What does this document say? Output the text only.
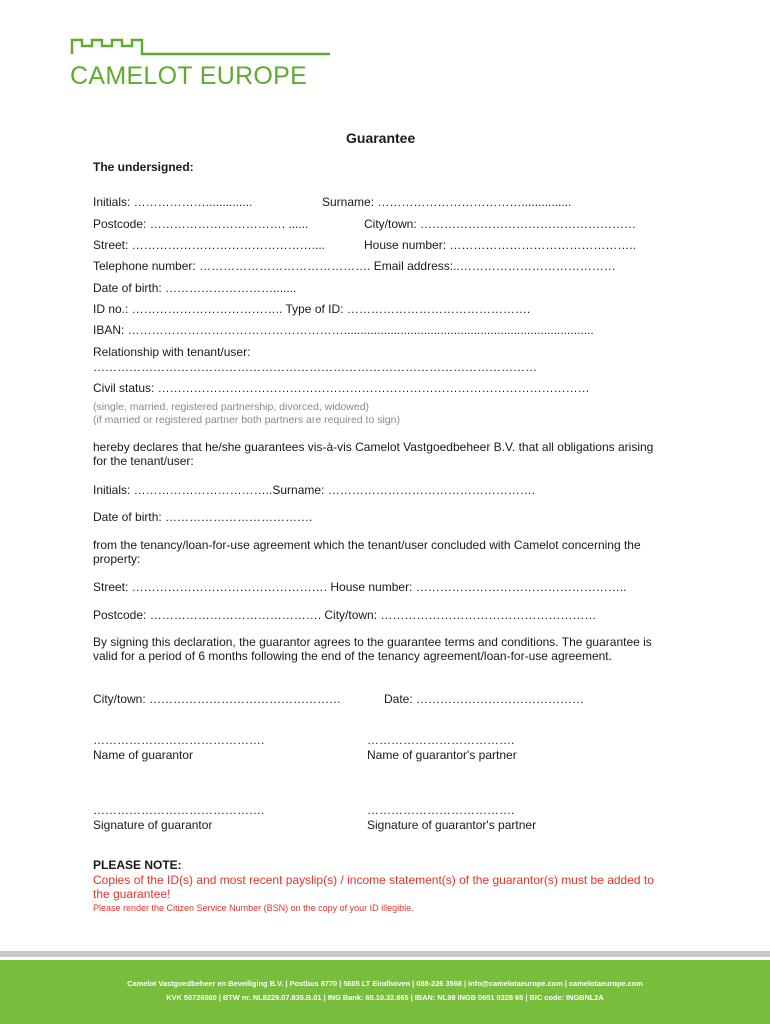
CAMELOT EUROPE
Guarantee
The undersigned:
Initials: ………………..............	Surname: ………………………………...............
Postcode: ……………………………. ......	City/town: ………………………………………………
Street: ………………………………………....	House number: ………………………………………..
Telephone number: ……………………………………. Email address:..…………………………………
Date of birth: ……………………….......
ID no.: ……………………………….. Type of ID: ……………………………………….
IBAN: ………………………………………………...........................................................................
Relationship with tenant/user:
…………………………………………………………………………………………………
Civil status: ………………………………………………………………………………………………
(single, married, registered partnership, divorced, widowed)
(if married or registered partner both partners are required to sign)
hereby declares that he/she guarantees vis-à-vis Camelot Vastgoedbeheer B.V. that all obligations arising for the tenant/user:
Initials: ……………………………..Surname: …………………………………………….
Date of birth: ……………………………….
from the tenancy/loan-for-use agreement which the tenant/user concluded with Camelot concerning the property:
Street: …………………………………………. House number: ……………………………………………..
Postcode: ……………………………………. City/town: ………………………………………………
By signing this declaration, the guarantor agrees to the guarantee terms and conditions. The guarantee is valid for a period of 6 months following the end of the tenancy agreement/loan-for-use agreement.
City/town: …………………………………………	Date: ……………………………………
…………………………………….	……………………………….
Name of guarantor	Name of guarantor's partner
…………………………………….	……………………………….
Signature of guarantor	Signature of guarantor's partner
PLEASE NOTE:
Copies of the ID(s) and most recent payslip(s) / income statement(s) of the guarantor(s) must be added to the guarantee!
Please render the Citizen Service Number (BSN) on the copy of your ID illegible.
Camelot Vastgoedbeheer en Beveiliging B.V. | Postbus 8770 | 5605 LT Eindhoven | 088-226 3568 | info@camelotaeurope.com | camelotaeurope.com
KVK 50726080 | BTW nr. NL8229.07.835.B.01 | ING Bank: 65.10.32.865 | IBAN: NL98 INGB 0651 0328 65 | BIC code: INGBNL2A
